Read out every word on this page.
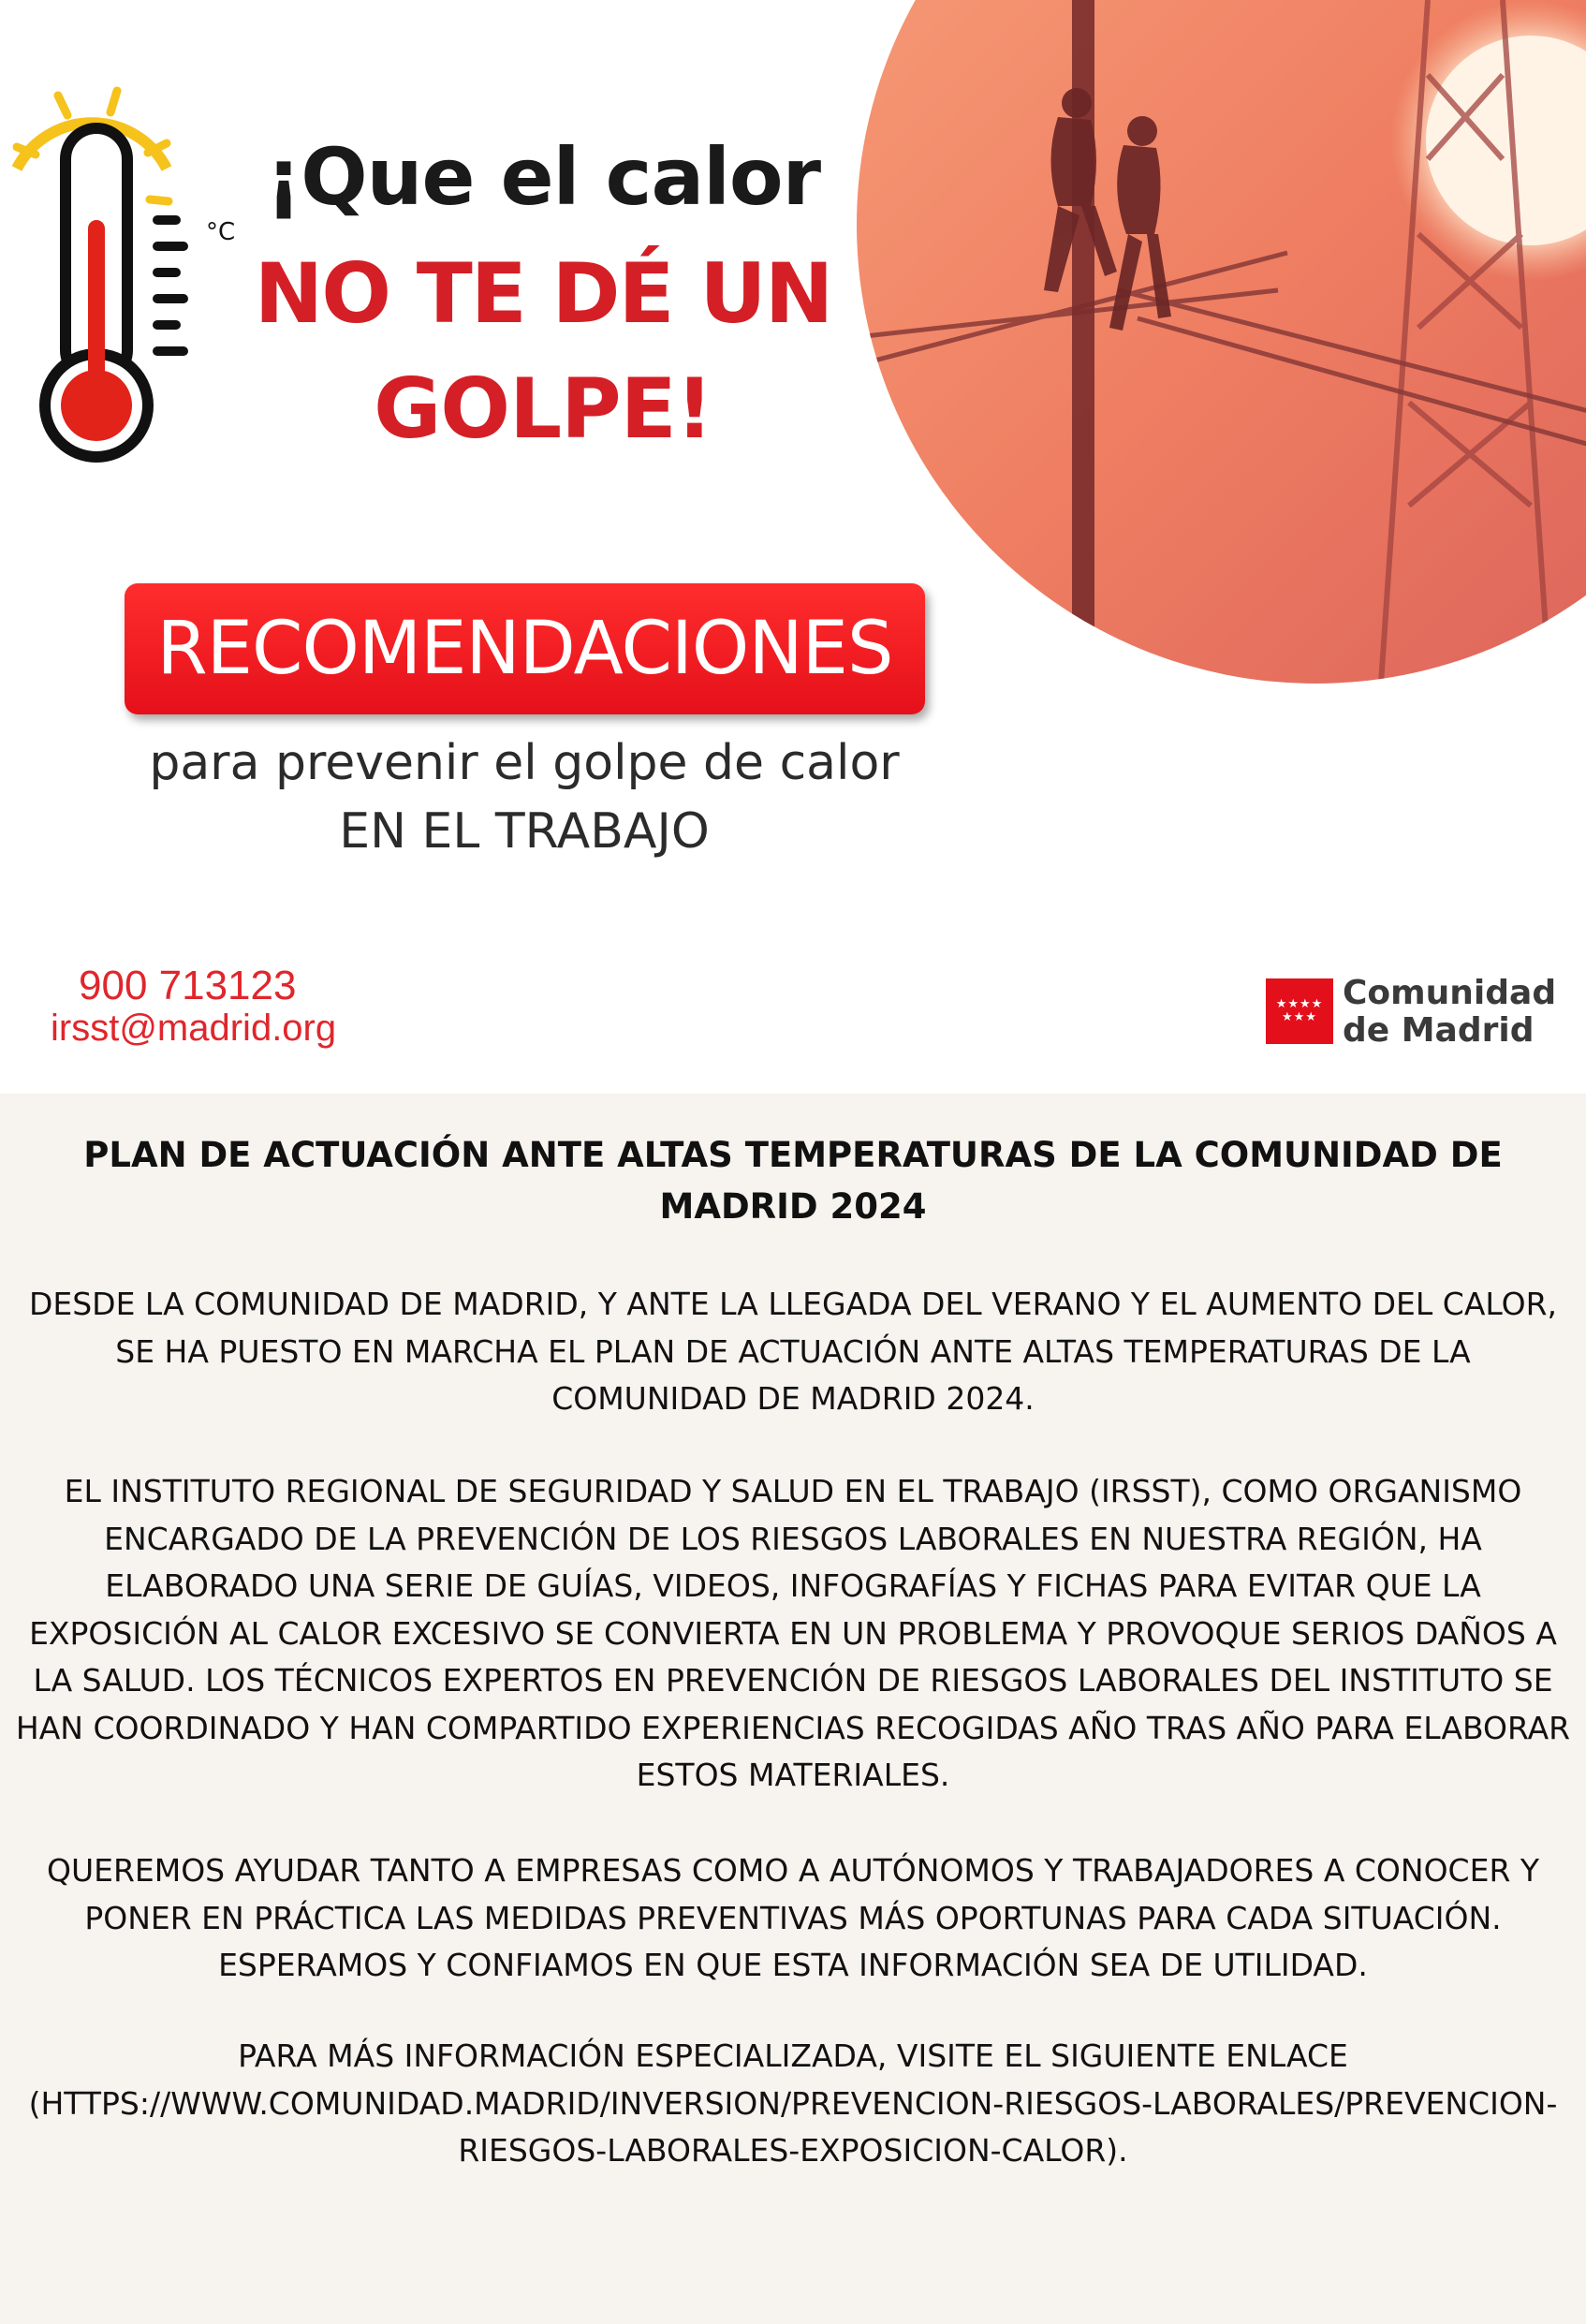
°C
¡Que el calor
NO TE DÉ UN
GOLPE!
RECOMENDACIONES
para prevenir el golpe de calor
EN EL TRABAJO
900 713123
irsst@madrid.org
★★★★
★★★
Comunidad
de Madrid
PLAN DE ACTUACIÓN ANTE ALTAS TEMPERATURAS DE LA COMUNIDAD DE MADRID 2024
DESDE LA COMUNIDAD DE MADRID, Y ANTE LA LLEGADA DEL VERANO Y EL AUMENTO DEL CALOR, SE HA PUESTO EN MARCHA EL PLAN DE ACTUACIÓN ANTE ALTAS TEMPERATURAS DE LA COMUNIDAD DE MADRID 2024.
EL INSTITUTO REGIONAL DE SEGURIDAD Y SALUD EN EL TRABAJO (IRSST), COMO ORGANISMO ENCARGADO DE LA PREVENCIÓN DE LOS RIESGOS LABORALES EN NUESTRA REGIÓN, HA ELABORADO UNA SERIE DE GUÍAS, VIDEOS, INFOGRAFÍAS Y FICHAS PARA EVITAR QUE LA EXPOSICIÓN AL CALOR EXCESIVO SE CONVIERTA EN UN PROBLEMA Y PROVOQUE SERIOS DAÑOS A LA SALUD. LOS TÉCNICOS EXPERTOS EN PREVENCIÓN DE RIESGOS LABORALES DEL INSTITUTO SE HAN COORDINADO Y HAN COMPARTIDO EXPERIENCIAS RECOGIDAS AÑO TRAS AÑO PARA ELABORAR ESTOS MATERIALES.
QUEREMOS AYUDAR TANTO A EMPRESAS COMO A AUTÓNOMOS Y TRABAJADORES A CONOCER Y PONER EN PRÁCTICA LAS MEDIDAS PREVENTIVAS MÁS OPORTUNAS PARA CADA SITUACIÓN. ESPERAMOS Y CONFIAMOS EN QUE ESTA INFORMACIÓN SEA DE UTILIDAD.
PARA MÁS INFORMACIÓN ESPECIALIZADA, VISITE EL SIGUIENTE ENLACE (HTTPS://WWW.COMUNIDAD.MADRID/INVERSION/PREVENCION-RIESGOS-LABORALES/PREVENCION-RIESGOS-LABORALES-EXPOSICION-CALOR).
